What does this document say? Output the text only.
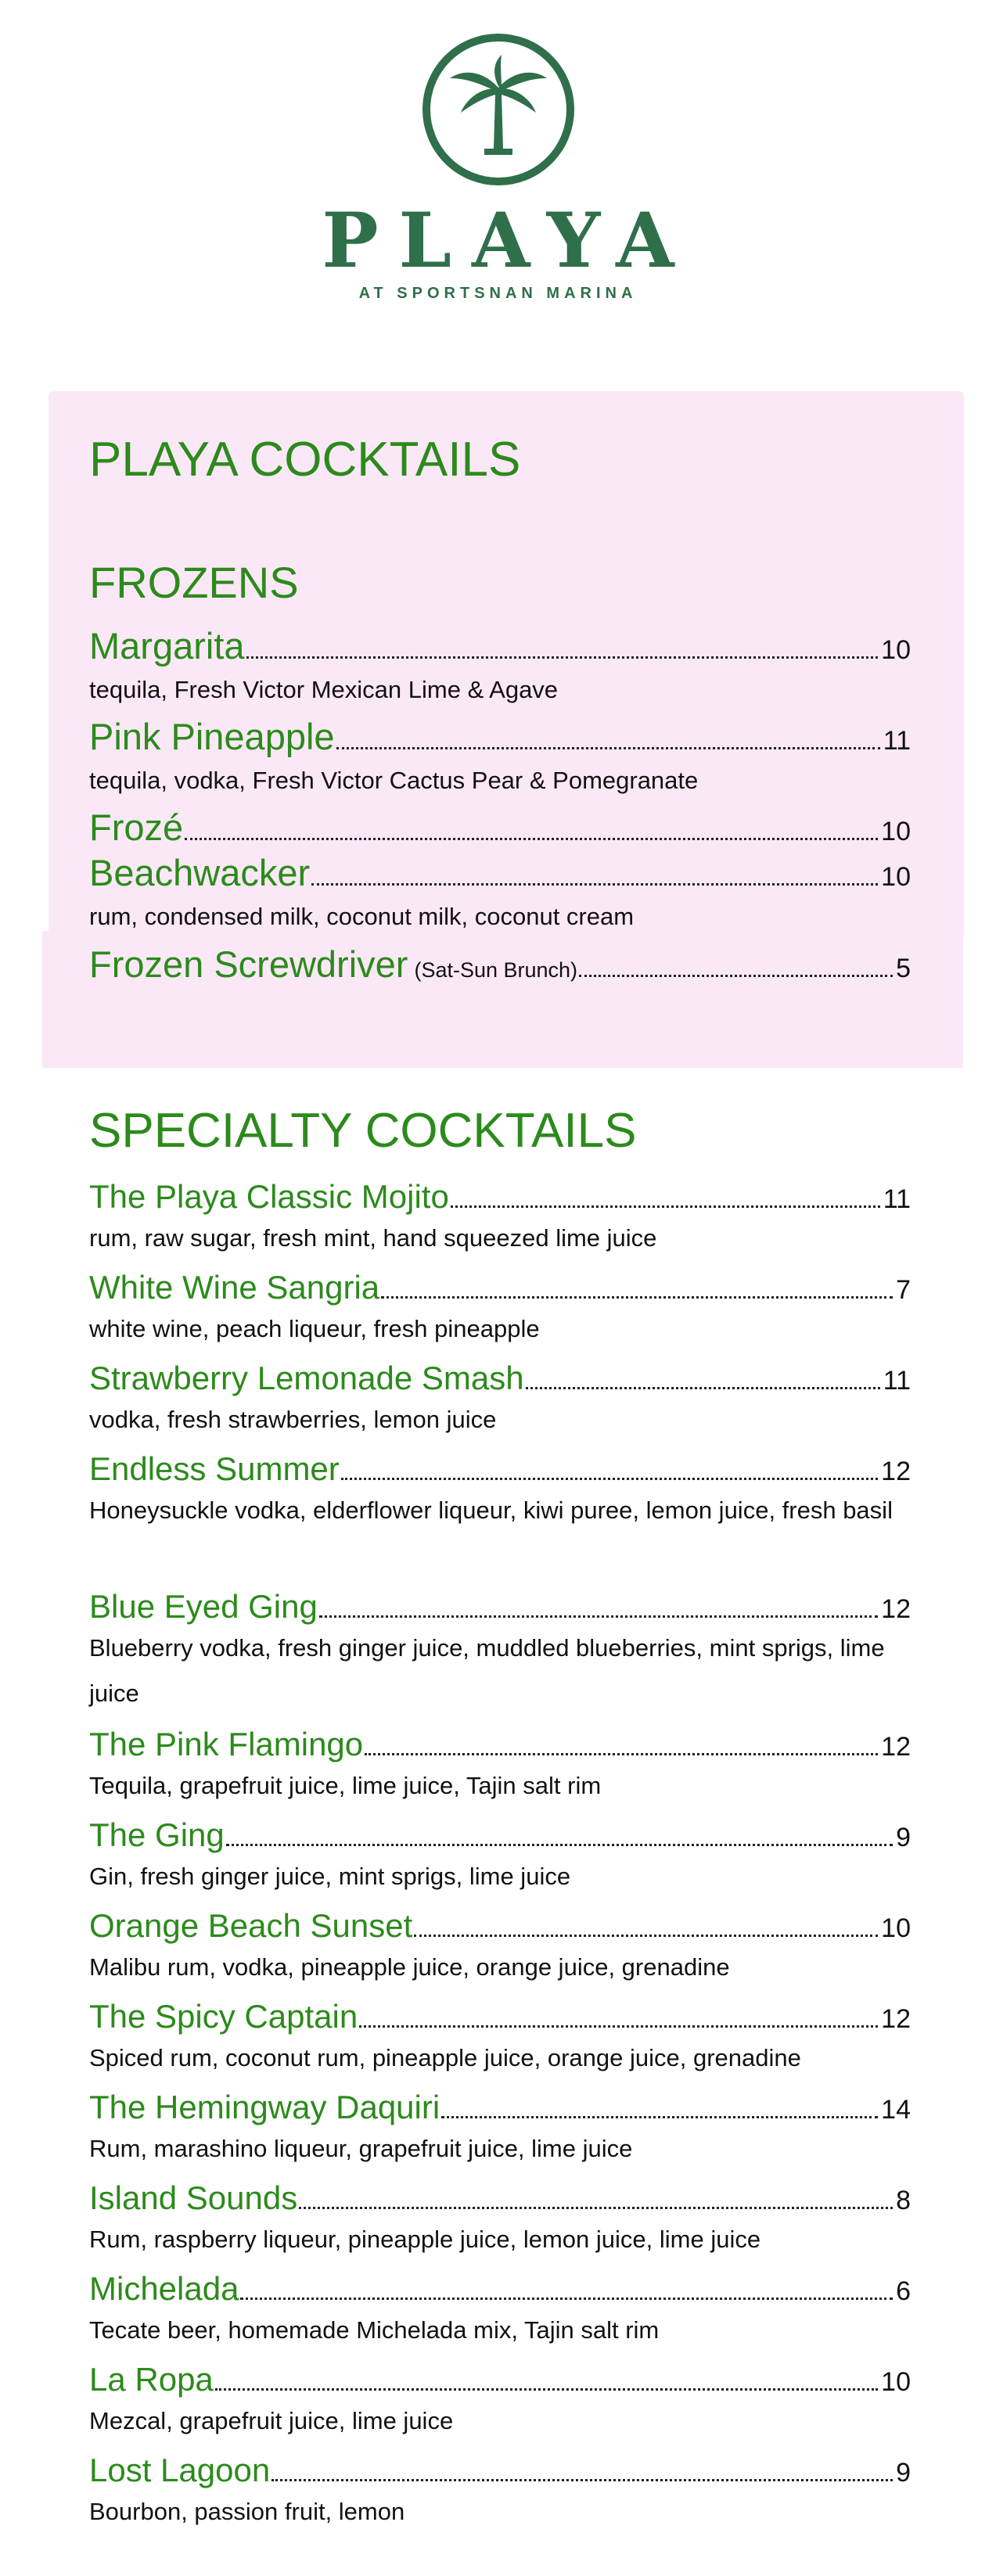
PLAYA
AT SPORTSNAN MARINA
PLAYA COCKTAILS
FROZENS
Margarita	10
tequila, Fresh Victor Mexican Lime & Agave
Pink Pineapple	11
tequila, vodka, Fresh Victor Cactus Pear & Pomegranate
Frozé	10
Beachwacker	10
rum, condensed milk, coconut milk, coconut cream
Frozen Screwdriver (Sat-Sun Brunch)	5
SPECIALTY COCKTAILS
The Playa Classic Mojito	11
rum, raw sugar, fresh mint, hand squeezed lime juice
White Wine Sangria	7
white wine, peach liqueur, fresh pineapple
Strawberry Lemonade Smash	11
vodka, fresh strawberries, lemon juice
Endless Summer	12
Honeysuckle vodka, elderflower liqueur, kiwi puree, lemon juice, fresh basil
Blue Eyed Ging	12
Blueberry vodka, fresh ginger juice, muddled blueberries, mint sprigs, lime juice
The Pink Flamingo	12
Tequila, grapefruit juice, lime juice, Tajin salt rim
The Ging	9
Gin, fresh ginger juice, mint sprigs, lime juice
Orange Beach Sunset	10
Malibu rum, vodka, pineapple juice, orange juice, grenadine
The Spicy Captain	12
Spiced rum, coconut rum, pineapple juice, orange juice, grenadine
The Hemingway Daquiri	14
Rum, marashino liqueur, grapefruit juice, lime juice
Island Sounds	8
Rum, raspberry liqueur, pineapple juice, lemon juice, lime juice
Michelada	6
Tecate beer, homemade Michelada mix, Tajin salt rim
La Ropa	10
Mezcal, grapefruit juice, lime juice
Lost Lagoon	9
Bourbon, passion fruit, lemon
